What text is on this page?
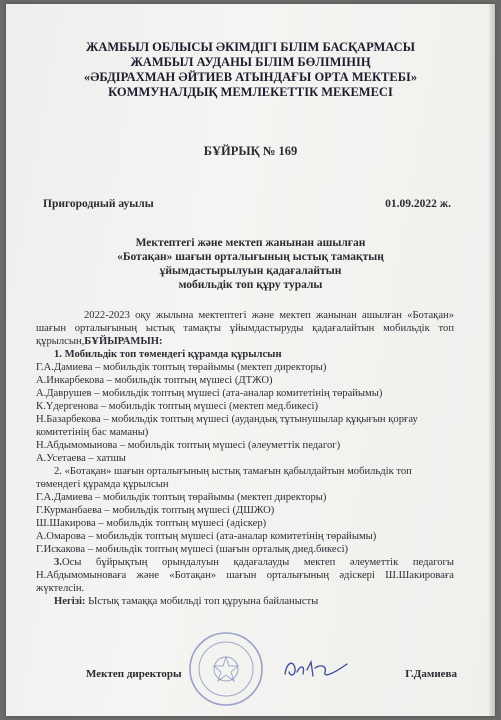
ЖАМБЫЛ ОБЛЫСЫ ӘКІМДІГІ БІЛІМ БАСҚАРМАСЫ
ЖАМБЫЛ АУДАНЫ БІЛІМ БӨЛІМІНІҢ
«ӘБДІРАХМАН ӘЙТИЕВ АТЫНДАҒЫ ОРТА МЕКТЕБІ»
КОММУНАЛДЫҚ МЕМЛЕКЕТТІК МЕКЕМЕСІ
БҰЙРЫҚ № 169
Пригородный ауылы	01.09.2022 ж.
Мектептегі және мектеп жанынан ашылған
«Ботақан» шағын орталығының ыстық тамақтың
ұйымдастырылуын қадағалайтын
мобильдік топ құру туралы

2022-2023 оқу жылына мектептегі және мектеп жанынан ашылған «Ботақан» шағын орталығының ыстық тамақты ұйымдастыруды қадағалайтын мобильдік топ құрылсын,БҰЙЫРАМЫН:

1. Мобильдік топ төмендегі құрамда құрылсын

Г.А.Дамиева – мобильдік топтың төрайымы (мектеп директоры)

А.Инкарбекова – мобильдік топтың мүшесі (ДТЖО)

А.Даврушев – мобильдік топтың мүшесі (ата-аналар комитетінің төрайымы)

К.Үдергенова – мобильдік топтың мүшесі (мектеп мед.бикесі)

Н.Базарбекова – мобильдік топтың мүшесі (аудандық тұтынушылар құқығын қорғау комитетінің бас маманы)

Н.Абдымомынова – мобильдік топтың мүшесі (әлеуметтік педагог)

А.Усетаева – хатшы

2. «Ботақан» шағын орталығының ыстық тамағын қабылдайтын мобильдік топ төмендегі құрамда құрылсын

Г.А.Дамиева – мобильдік топтың төрайымы (мектеп директоры)

Г.Курманбаева – мобильдік топтың мүшесі (ДШЖО)

Ш.Шакирова – мобильдік топтың мүшесі (әдіскер)

А.Омарова – мобильдік топтың мүшесі (ата-аналар комитетінің төрайымы)

Г.Искакова – мобильдік топтың мүшесі (шағын орталық диед.бикесі)

3.Осы бұйрықтың орындалуын қадағалауды мектеп әлеуметтік педагогы Н.Абдымомыноваға және «Ботақан» шағын орталығының әдіскері Ш.Шакироваға жүктелсін.

Негізі: Ыстық тамаққа мобильді топ құруына байланысты

Мектеп директоры	Г.Дамиева
